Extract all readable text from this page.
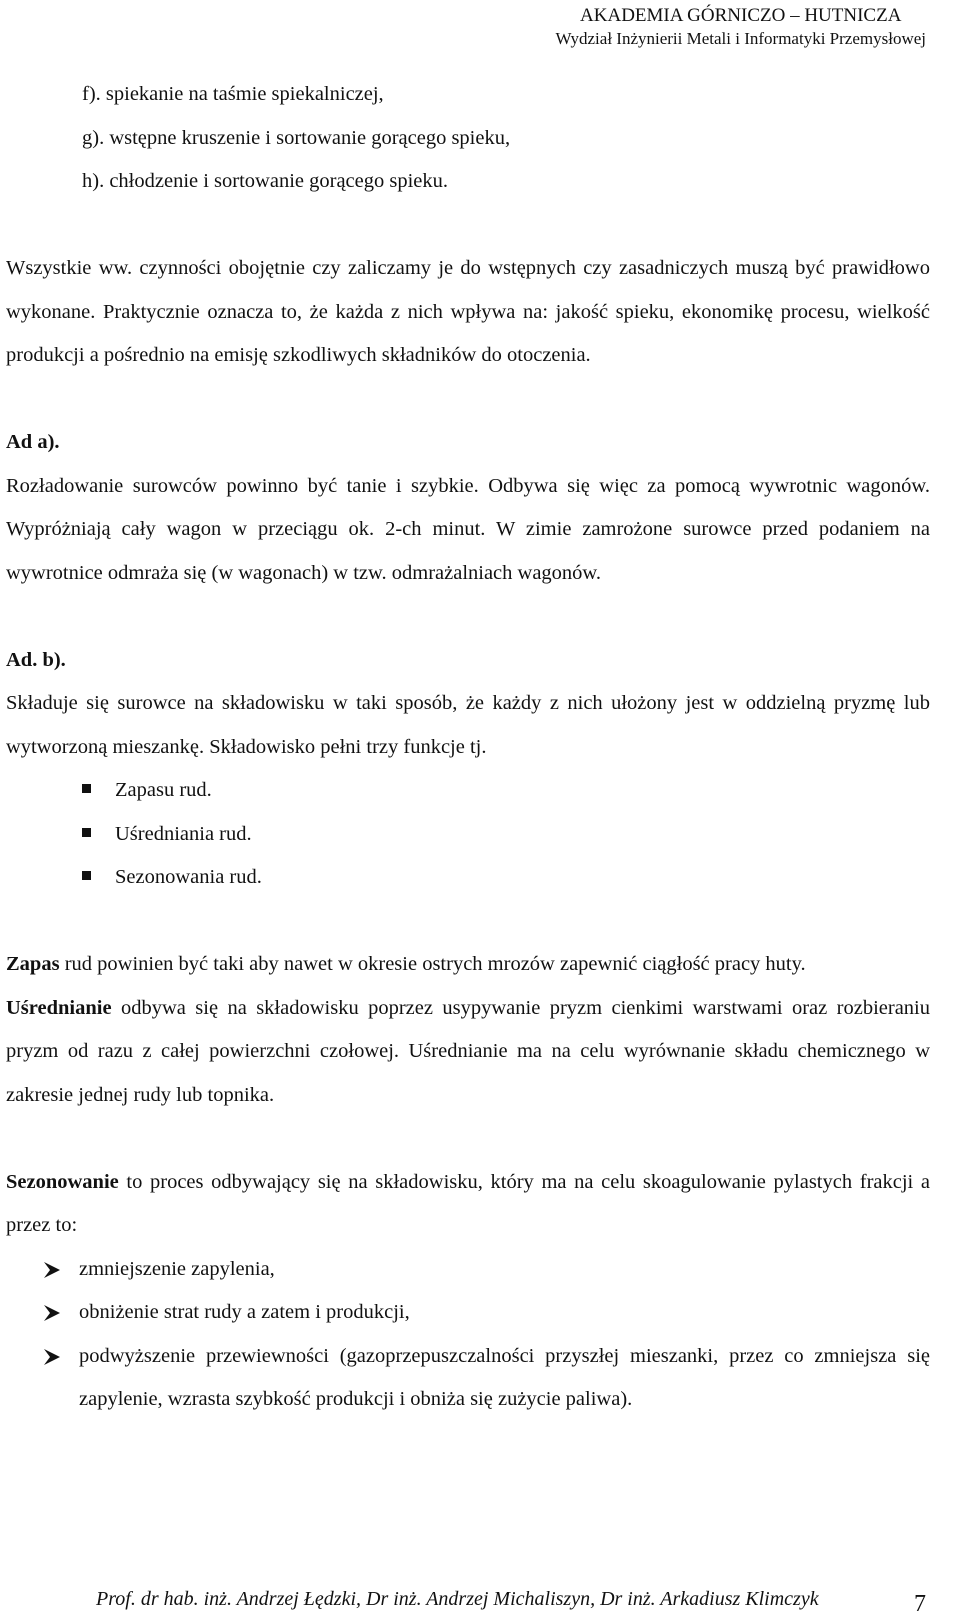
AKADEMIA GÓRNICZO – HUTNICZA
Wydział Inżynierii Metali i Informatyki Przemysłowej

f). spiekanie na taśmie spiekalniczej,

g). wstępne kruszenie i sortowanie gorącego spieku,

h). chłodzenie i sortowanie gorącego spieku.

Wszystkie ww. czynności obojętnie czy zaliczamy je do wstępnych czy zasadniczych muszą być prawidłowo wykonane. Praktycznie oznacza to, że każda z nich wpływa na: jakość spieku, ekonomikę procesu, wielkość produkcji a pośrednio na emisję szkodliwych składników do otoczenia.

Ad a).

Rozładowanie surowców powinno być tanie i szybkie. Odbywa się więc za pomocą wywrotnic wagonów. Wypróżniają cały wagon w przeciągu ok. 2-ch minut. W zimie zamrożone surowce przed podaniem na wywrotnice odmraża się (w wagonach) w tzw. odmrażalniach wagonów.

Ad. b).

Składuje się surowce na składowisku w taki sposób, że każdy z nich ułożony jest w oddzielną pryzmę lub wytworzoną mieszankę. Składowisko pełni trzy funkcje tj.

Zapasu rud.
Uśredniania rud.
Sezonowania rud.

Zapas rud powinien być taki aby nawet w okresie ostrych mrozów zapewnić ciągłość pracy huty.

Uśrednianie odbywa się na składowisku poprzez usypywanie pryzm cienkimi warstwami oraz rozbieraniu pryzm od razu z całej powierzchni czołowej. Uśrednianie ma na celu wyrównanie składu chemicznego w zakresie jednej rudy lub topnika.

Sezonowanie to proces odbywający się na składowisku, który ma na celu skoagulowanie pylastych frakcji a przez to:

zmniejszenie zapylenia,
obniżenie strat rudy a zatem i produkcji,
podwyższenie przewiewności (gazoprzepuszczalności przyszłej mieszanki, przez co zmniejsza się zapylenie, wzrasta szybkość produkcji i obniża się zużycie paliwa).
Prof. dr hab. inż. Andrzej Łędzki, Dr inż. Andrzej Michaliszyn, Dr inż. Arkadiusz Klimczyk	7
